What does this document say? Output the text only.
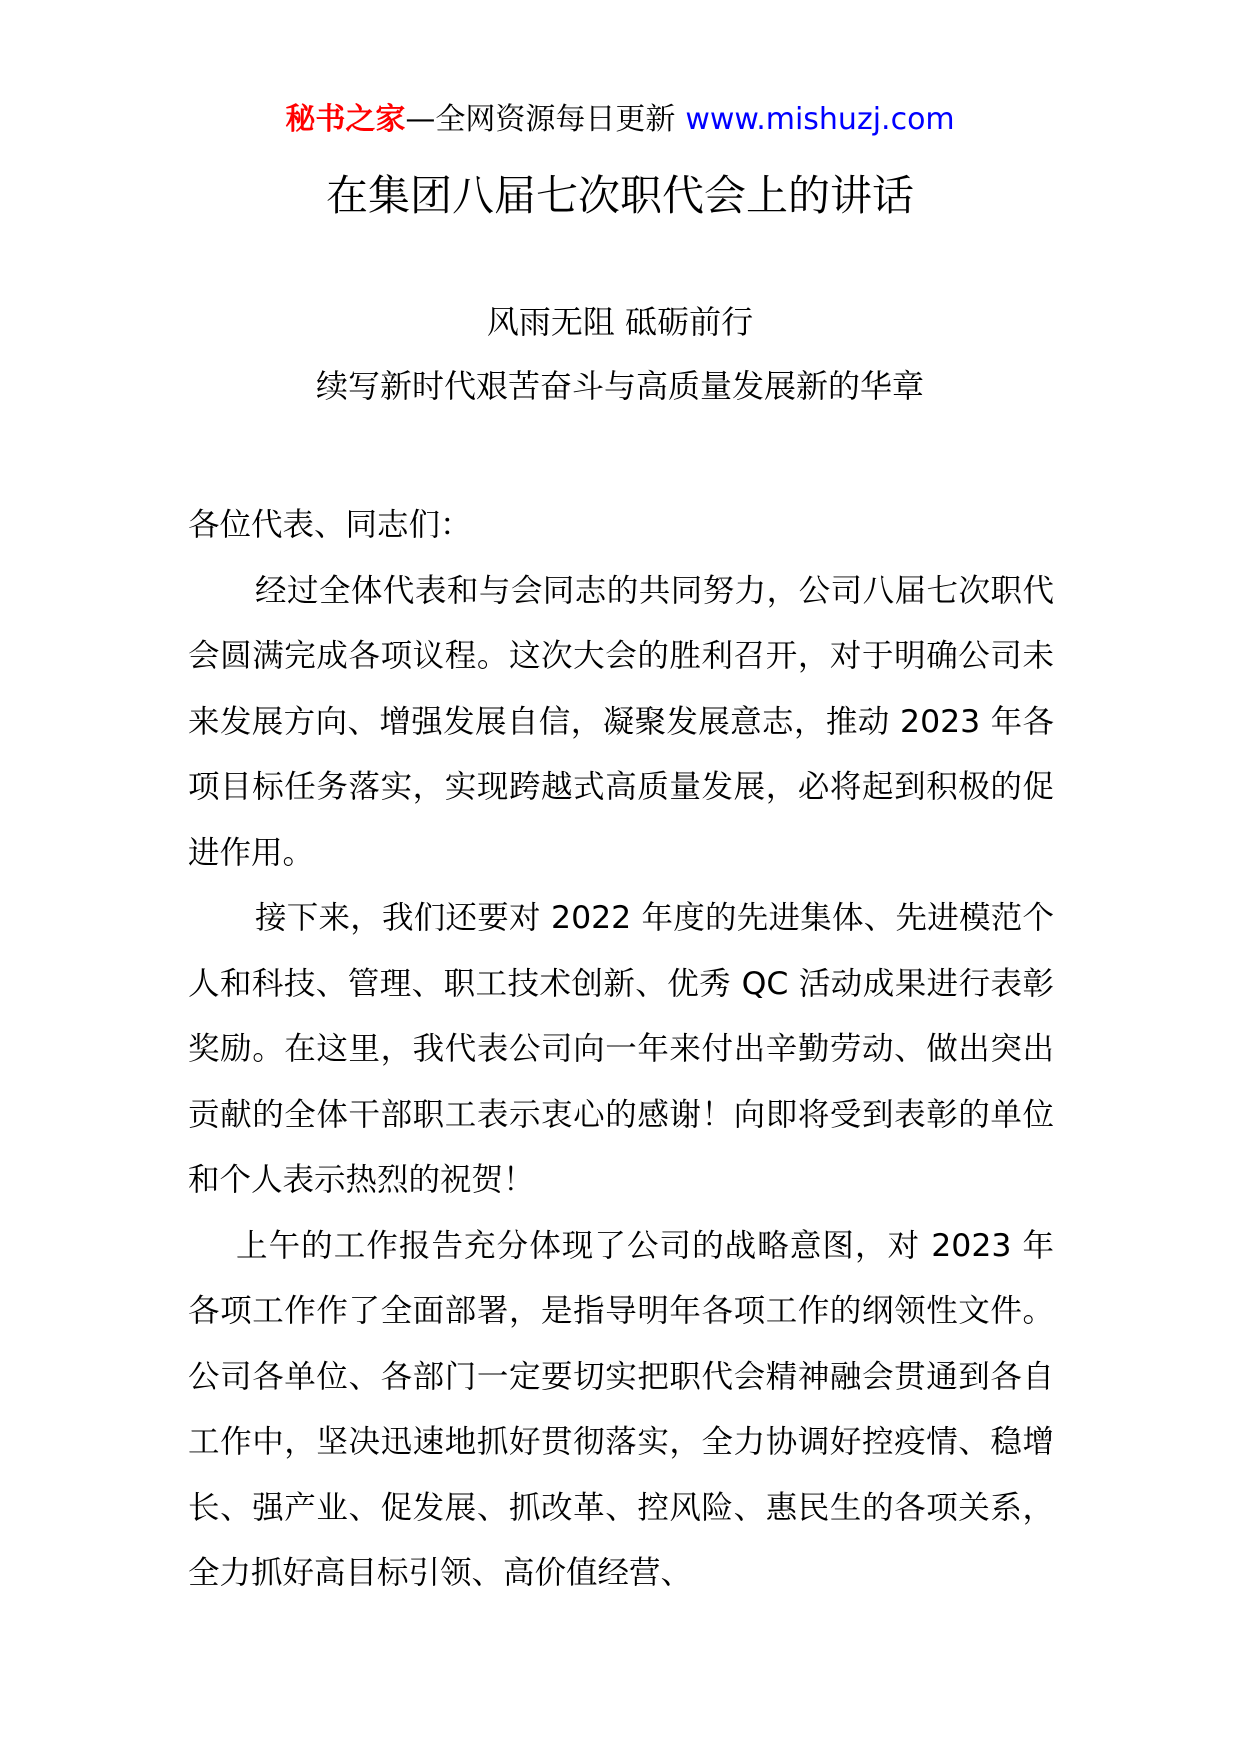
秘书之家—全网资源每日更新 www.mishuzj.com
在集团八届七次职代会上的讲话
风雨无阻 砥砺前行
续写新时代艰苦奋斗与高质量发展新的华章

各位代表、同志们：

经过全体代表和与会同志的共同努力，公司八届七次职代会圆满完成各项议程。这次大会的胜利召开，对于明确公司未来发展方向、增强发展自信，凝聚发展意志，推动 2023 年各项目标任务落实，实现跨越式高质量发展，必将起到积极的促进作用。

接下来，我们还要对 2022 年度的先进集体、先进模范个人和科技、管理、职工技术创新、优秀 QC 活动成果进行表彰奖励。在这里，我代表公司向一年来付出辛勤劳动、做出突出贡献的全体干部职工表示衷心的感谢！向即将受到表彰的单位和个人表示热烈的祝贺！

上午的工作报告充分体现了公司的战略意图，对 2023 年各项工作作了全面部署，是指导明年各项工作的纲领性文件。公司各单位、各部门一定要切实把职代会精神融会贯通到各自工作中，坚决迅速地抓好贯彻落实，全力协调好控疫情、稳增长、强产业、促发展、抓改革、控风险、惠民生的各项关系，全力抓好高目标引领、高价值经营、
